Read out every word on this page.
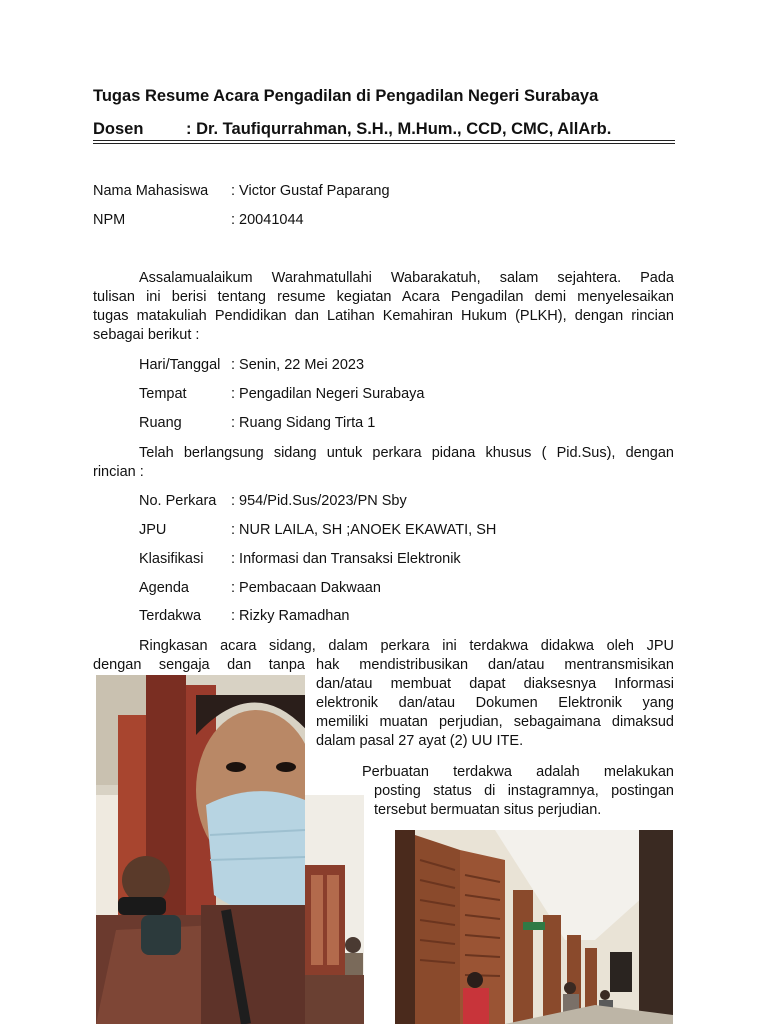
Tugas Resume Acara Pengadilan di Pengadilan Negeri Surabaya
Dosen	: Dr. Taufiqurrahman, S.H., M.Hum., CCD, CMC, AllArb.
Nama Mahasiswa : Victor Gustaf Paparang
NPM	: 20041044
Assalamualaikum Warahmatullahi Wabarakatuh, salam sejahtera. Pada
tulisan ini berisi tentang resume kegiatan Acara Pengadilan demi menyelesaikan
tugas matakuliah Pendidikan dan Latihan Kemahiran Hukum (PLKH), dengan rincian
sebagai berikut :
Hari/Tanggal : Senin, 22 Mei 2023
Tempat	: Pengadilan Negeri Surabaya
Ruang	: Ruang Sidang Tirta 1
Telah berlangsung sidang untuk perkara pidana khusus ( Pid.Sus), dengan
rincian :
No. Perkara : 954/Pid.Sus/2023/PN Sby
JPU	: NUR LAILA, SH ;ANOEK EKAWATI, SH
Klasifikasi : Informasi dan Transaksi Elektronik
Agenda	: Pembacaan Dakwaan
Terdakwa : Rizky Ramadhan
Ringkasan acara sidang, dalam perkara ini terdakwa didakwa oleh JPU
dengan sengaja dan tanpa hak mendistribusikan dan/atau mentransmisikan
dan/atau membuat dapat diaksesnya Informasi
elektronik dan/atau Dokumen Elektronik yang
memiliki muatan perjudian, sebagaimana dimaksud
dalam pasal 27 ayat (2) UU ITE.
Perbuatan terdakwa adalah melakukan
posting status di instagramnya, postingan
tersebut bermuatan situs perjudian.
